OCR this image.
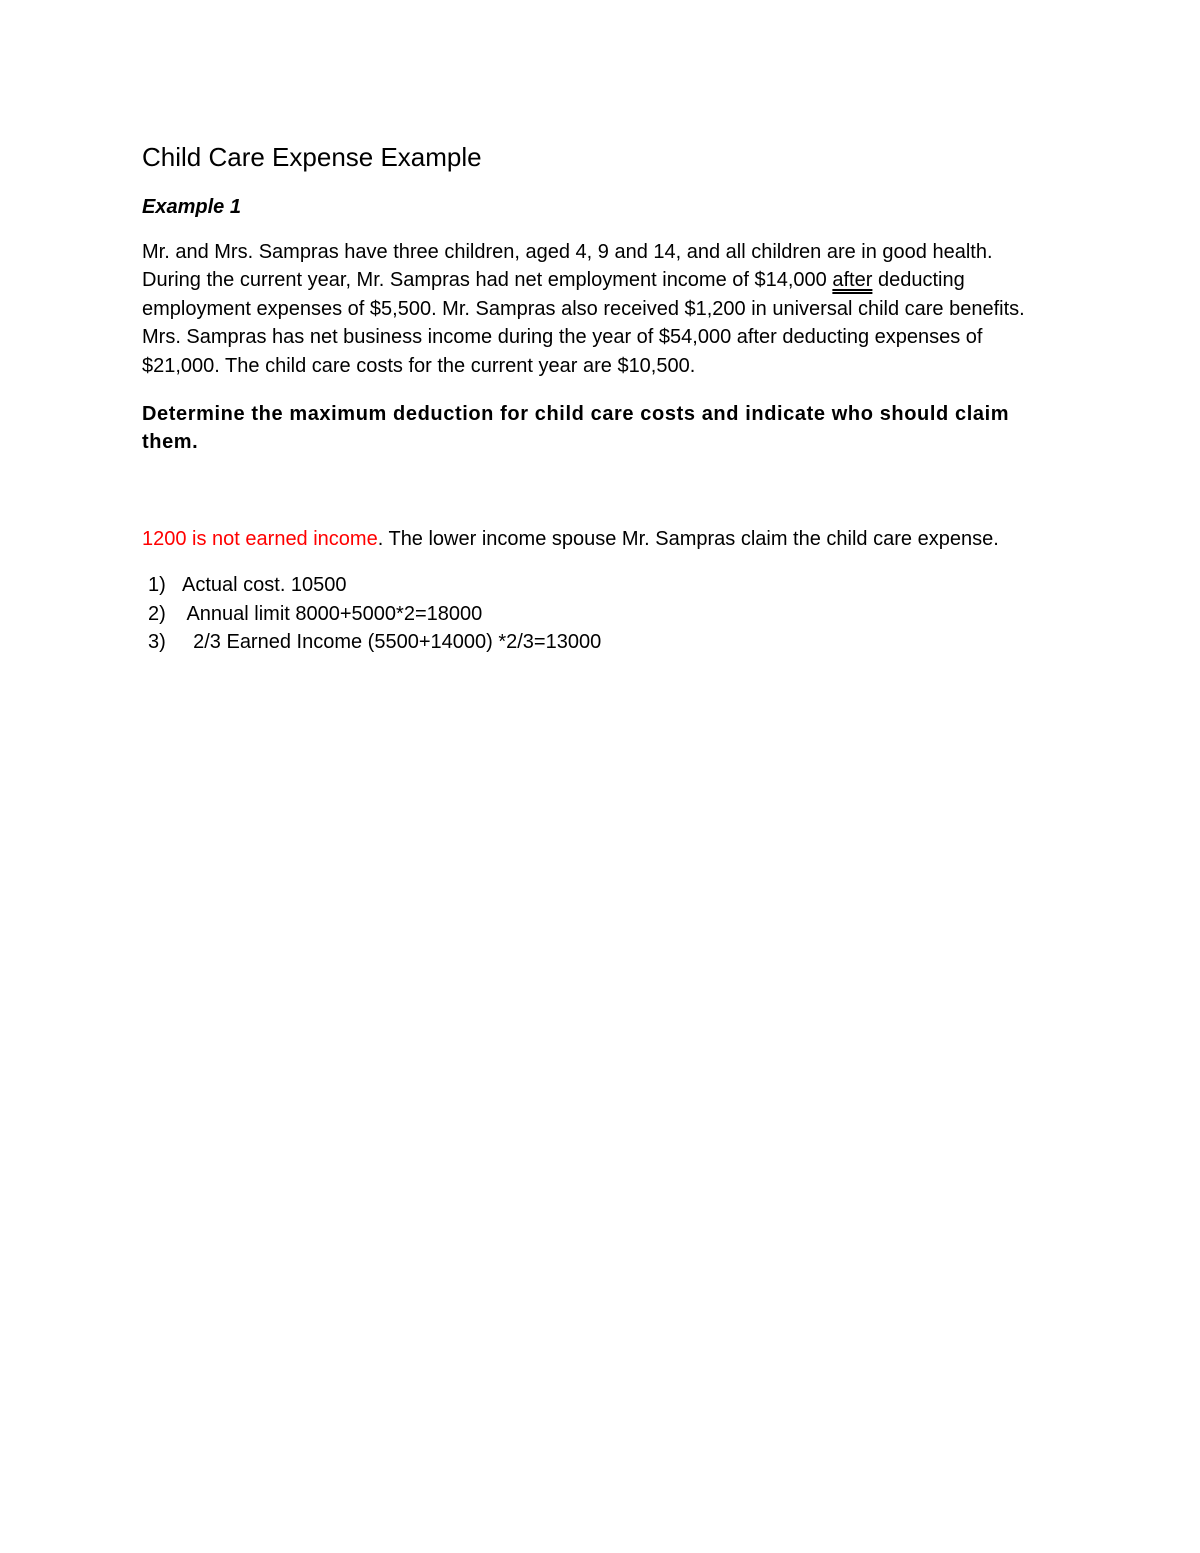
Child Care Expense Example
Example 1

Mr. and Mrs. Sampras have three children, aged 4, 9 and 14, and all children are in good health. During the current year, Mr. Sampras had net employment income of $14,000 after deducting employment expenses of $5,500. Mr. Sampras also received $1,200 in universal child care benefits. Mrs. Sampras has net business income during the year of $54,000 after deducting expenses of $21,000. The child care costs for the current year are $10,500.

Determine the maximum deduction for child care costs and indicate who should claim them.

1200 is not earned income. The lower income spouse Mr. Sampras claim the child care expense.

1) Actual cost. 10500
2) Annual limit 8000+5000*2=18000
3) 2/3 Earned Income (5500+14000) *2/3=13000
